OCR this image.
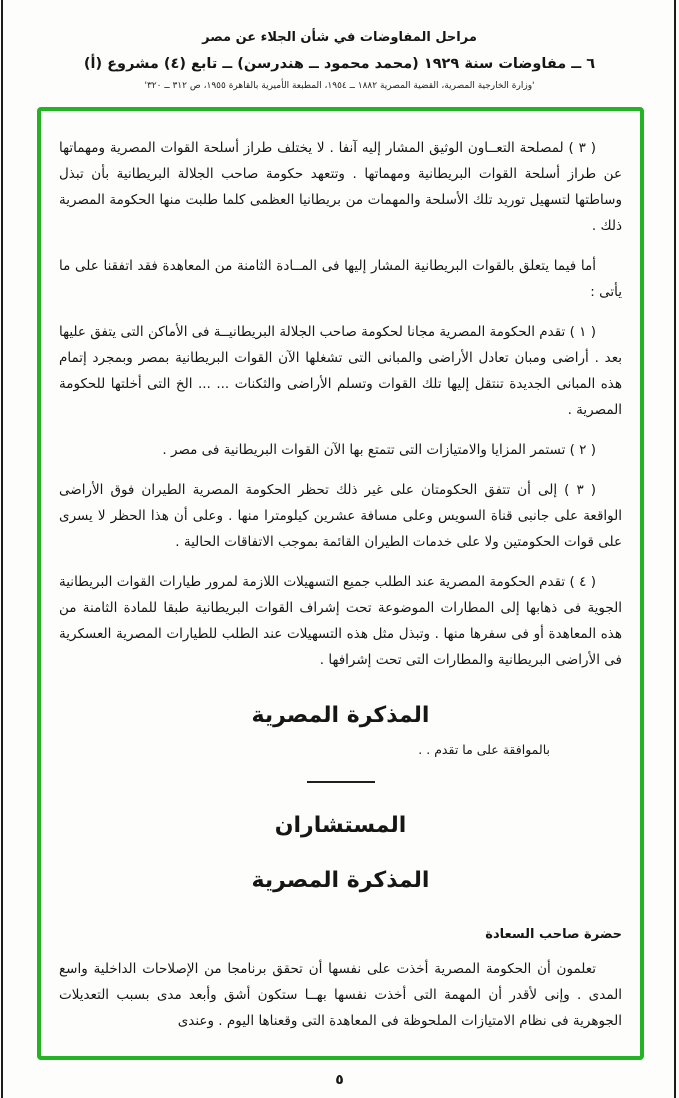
مراحل المفاوضات في شأن الجلاء عن مصر
٦ ــ مفاوضات سنة ١٩٢٩ (محمد محمود ــ هندرسن) ــ تابع (٤) مشروع (أ)
'وزارة الخارجية المصرية، القضية المصرية ١٨٨٢ ــ ١٩٥٤، المطبعة الأميرية بالقاهرة ١٩٥٥، ص ٣١٢ ــ ٣٢٠'

( ٣ ) لمصلحة التعــاون الوثيق المشار إليه آنفا . لا يختلف طراز أسلحة القوات المصرية ومهماتها عن طراز أسلحة القوات البريطانية ومهماتها . وتتعهد حكومة صاحب الجلالة البريطانية بأن تبذل وساطتها لتسهيل توريد تلك الأسلحة والمهمات من بريطانيا العظمى كلما طلبت منها الحكومة المصرية ذلك .

أما فيما يتعلق بالقوات البريطانية المشار إليها فى المــادة الثامنة من المعاهدة فقد اتفقنا على ما يأتى :

( ١ ) تقدم الحكومة المصرية مجانا لحكومة صاحب الجلالة البريطانيــة فى الأماكن التى يتفق عليها بعد . أراضى ومبان تعادل الأراضى والمبانى التى تشغلها الآن القوات البريطانية بمصر وبمجرد إتمام هذه المبانى الجديدة تنتقل إليها تلك القوات وتسلم الأراضى والثكنات ... ... الخ التى أخلتها للحكومة المصرية .

( ٢ ) تستمر المزايا والامتيازات التى تتمتع بها الآن القوات البريطانية فى مصر .

( ٣ ) إلى أن تتفق الحكومتان على غير ذلك تحظر الحكومة المصرية الطيران فوق الأراضى الواقعة على جانبى قناة السويس وعلى مسافة عشرين كيلومترا منها . وعلى أن هذا الحظر لا يسرى على قوات الحكومتين ولا على خدمات الطيران القائمة بموجب الاتفاقات الحالية .

( ٤ ) تقدم الحكومة المصرية عند الطلب جميع التسهيلات اللازمة لمرور طيارات القوات البريطانية الجوية فى ذهابها إلى المطارات الموضوعة تحت إشراف القوات البريطانية طبقا للمادة الثامنة من هذه المعاهدة أو فى سفرها منها . وتبذل مثل هذه التسهيلات عند الطلب للطيارات المصرية العسكرية فى الأراضى البريطانية والمطارات التى تحت إشرافها .

المذكرة المصرية

بالموافقة على ما تقدم . .

المستشاران
المذكرة المصرية

حضرة صاحب السعادة

تعلمون أن الحكومة المصرية أخذت على نفسها أن تحقق برنامجا من الإصلاحات الداخلية واسع المدى . وإنى لأقدر أن المهمة التى أخذت نفسها بهــا ستكون أشق وأبعد مدى بسبب التعديلات الجوهرية فى نظام الامتيازات الملحوظة فى المعاهدة التى وقعناها اليوم . وعندى

٥
